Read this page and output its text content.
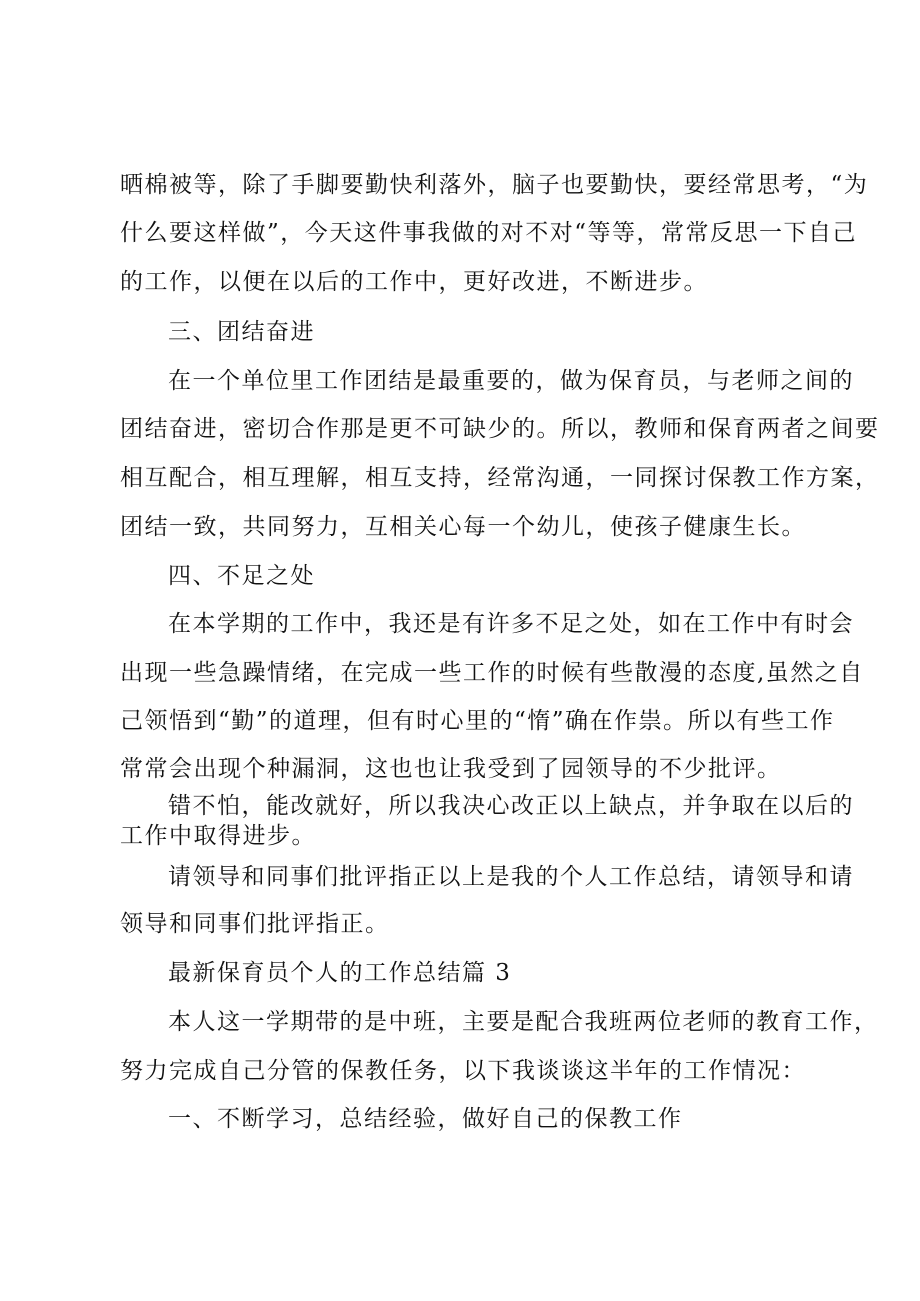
晒棉被等，除了手脚要勤快利落外，脑子也要勤快，要经常思考，“为
什么要这样做”，今天这件事我做的对不对“等等，常常反思一下自己
的工作，以便在以后的工作中，更好改进，不断进步。
三、团结奋进
在一个单位里工作团结是最重要的，做为保育员，与老师之间的
团结奋进，密切合作那是更不可缺少的。所以，教师和保育两者之间要
相互配合，相互理解，相互支持，经常沟通，一同探讨保教工作方案，
团结一致，共同努力，互相关心每一个幼儿，使孩子健康生长。
四、不足之处
在本学期的工作中，我还是有许多不足之处，如在工作中有时会
出现一些急躁情绪，在完成一些工作的时候有些散漫的态度,虽然之自
己领悟到“勤”的道理，但有时心里的“惰”确在作祟。所以有些工作
常常会出现个种漏洞，这也也让我受到了园领导的不少批评。
错不怕，能改就好，所以我决心改正以上缺点，并争取在以后的
工作中取得进步。
请领导和同事们批评指正以上是我的个人工作总结，请领导和请
领导和同事们批评指正。
最新保育员个人的工作总结篇 3
本人这一学期带的是中班，主要是配合我班两位老师的教育工作，
努力完成自己分管的保教任务，以下我谈谈这半年的工作情况：
一、不断学习，总结经验，做好自己的保教工作
